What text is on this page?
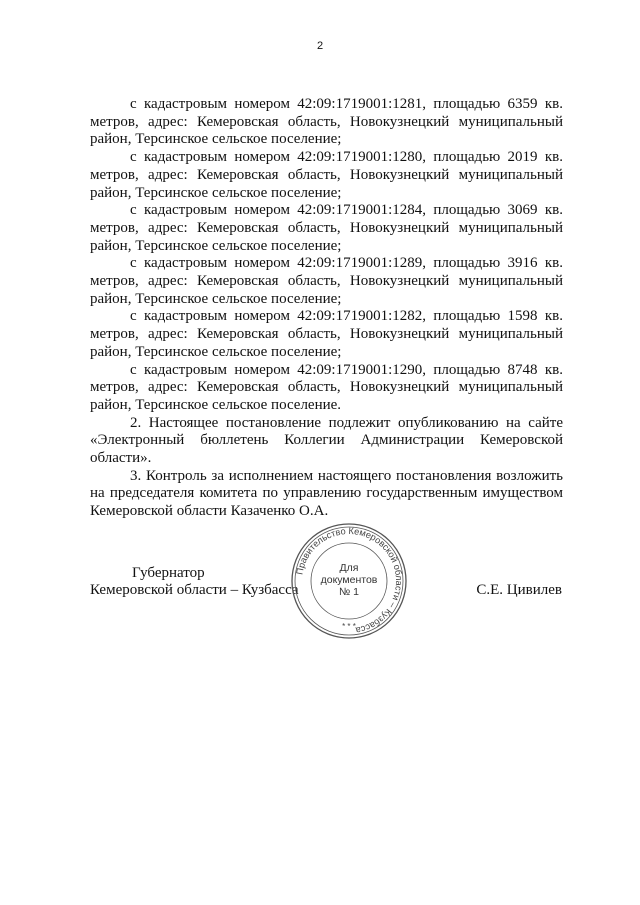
2

с кадастровым номером 42:09:1719001:1281, площадью 6359 кв. метров, адрес: Кемеровская область, Новокузнецкий муниципальный район, Терсинское сельское поселение;

с кадастровым номером 42:09:1719001:1280, площадью 2019 кв. метров, адрес: Кемеровская область, Новокузнецкий муниципальный район, Терсинское сельское поселение;

с кадастровым номером 42:09:1719001:1284, площадью 3069 кв. метров, адрес: Кемеровская область, Новокузнецкий муниципальный район, Терсинское сельское поселение;

с кадастровым номером 42:09:1719001:1289, площадью 3916 кв. метров, адрес: Кемеровская область, Новокузнецкий муниципальный район, Терсинское сельское поселение;

с кадастровым номером 42:09:1719001:1282, площадью 1598 кв. метров, адрес: Кемеровская область, Новокузнецкий муниципальный район, Терсинское сельское поселение;

с кадастровым номером 42:09:1719001:1290, площадью 8748 кв. метров, адрес: Кемеровская область, Новокузнецкий муниципальный район, Терсинское сельское поселение.

2. Настоящее постановление подлежит опубликованию на сайте «Электронный бюллетень Коллегии Администрации Кемеровской области».

3. Контроль за исполнением настоящего постановления возложить на председателя комитета по управлению государственным имуществом Кемеровской области Казаченко О.А.

Губернатор
Кемеровской области – Кузбасса	С.Е. Цивилев
Правительство Кемеровской области – Кузбасса
* * *
Для
документов
№ 1
